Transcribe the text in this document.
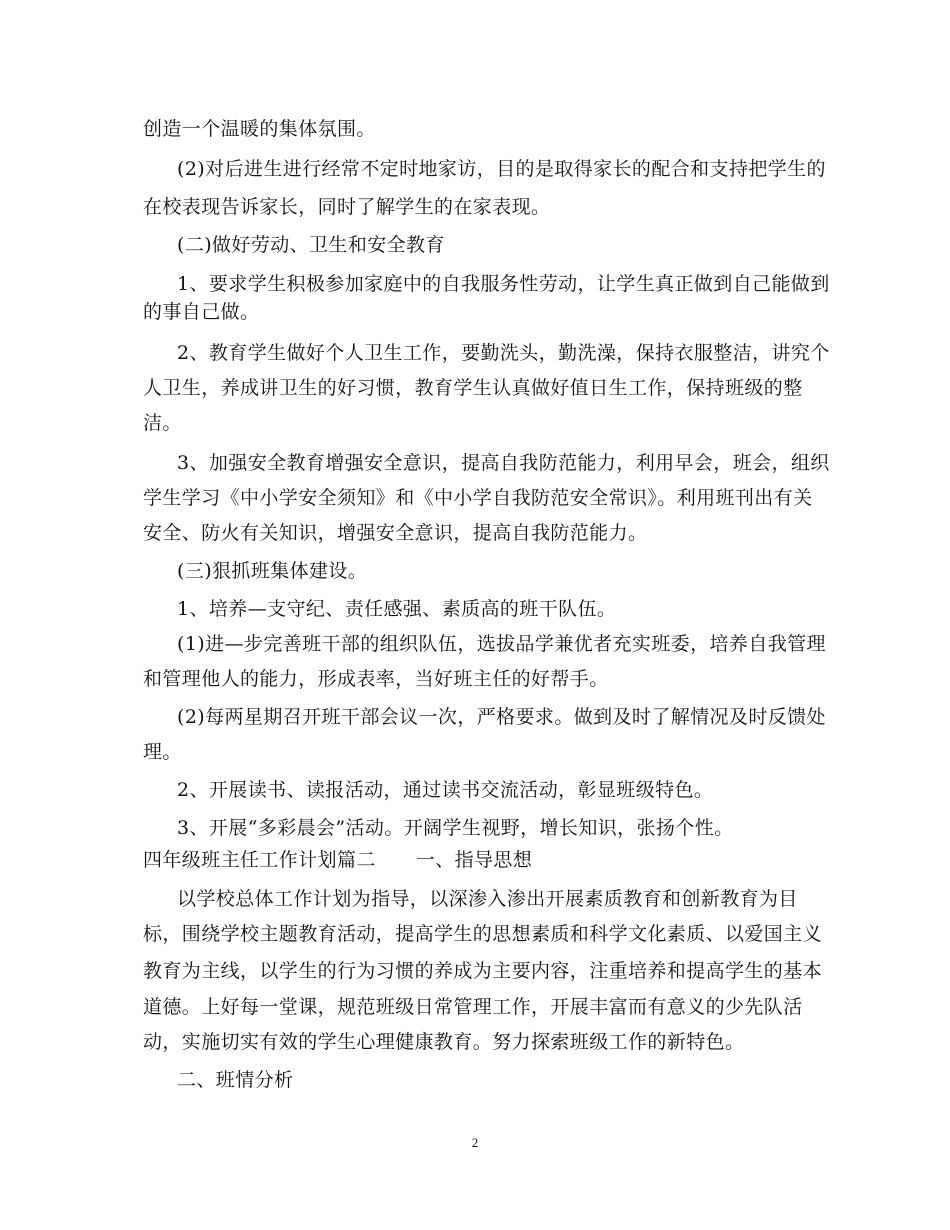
创造一个温暖的集体氛围。
(2)对后进生进行经常不定时地家访，目的是取得家长的配合和支持把学生的
在校表现告诉家长，同时了解学生的在家表现。
(二)做好劳动、卫生和安全教育
1、要求学生积极参加家庭中的自我服务性劳动，让学生真正做到自己能做到
的事自己做。
2、教育学生做好个人卫生工作，要勤洗头，勤洗澡，保持衣服整洁，讲究个
人卫生，养成讲卫生的好习惯，教育学生认真做好值日生工作，保持班级的整
洁。
3、加强安全教育增强安全意识，提高自我防范能力，利用早会，班会，组织
学生学习《中小学安全须知》和《中小学自我防范安全常识》。利用班刊出有关
安全、防火有关知识，增强安全意识，提高自我防范能力。
(三)狠抓班集体建设。
1、培养—支守纪、责任感强、素质高的班干队伍。
(1)进—步完善班干部的组织队伍，选拔品学兼优者充实班委，培养自我管理
和管理他人的能力，形成表率，当好班主任的好帮手。
(2)每两星期召开班干部会议一次，严格要求。做到及时了解情况及时反馈处
理。
2、开展读书、读报活动，通过读书交流活动，彰显班级特色。
3、开展“多彩晨会”活动。开阔学生视野，增长知识，张扬个性。
四年级班主任工作计划篇二 一、指导思想
以学校总体工作计划为指导，以深渗入渗出开展素质教育和创新教育为目
标，围绕学校主题教育活动，提高学生的思想素质和科学文化素质、以爱国主义
教育为主线，以学生的行为习惯的养成为主要内容，注重培养和提高学生的基本
道德。上好每一堂课，规范班级日常管理工作，开展丰富而有意义的少先队活
动，实施切实有效的学生心理健康教育。努力探索班级工作的新特色。
二、班情分析
2
